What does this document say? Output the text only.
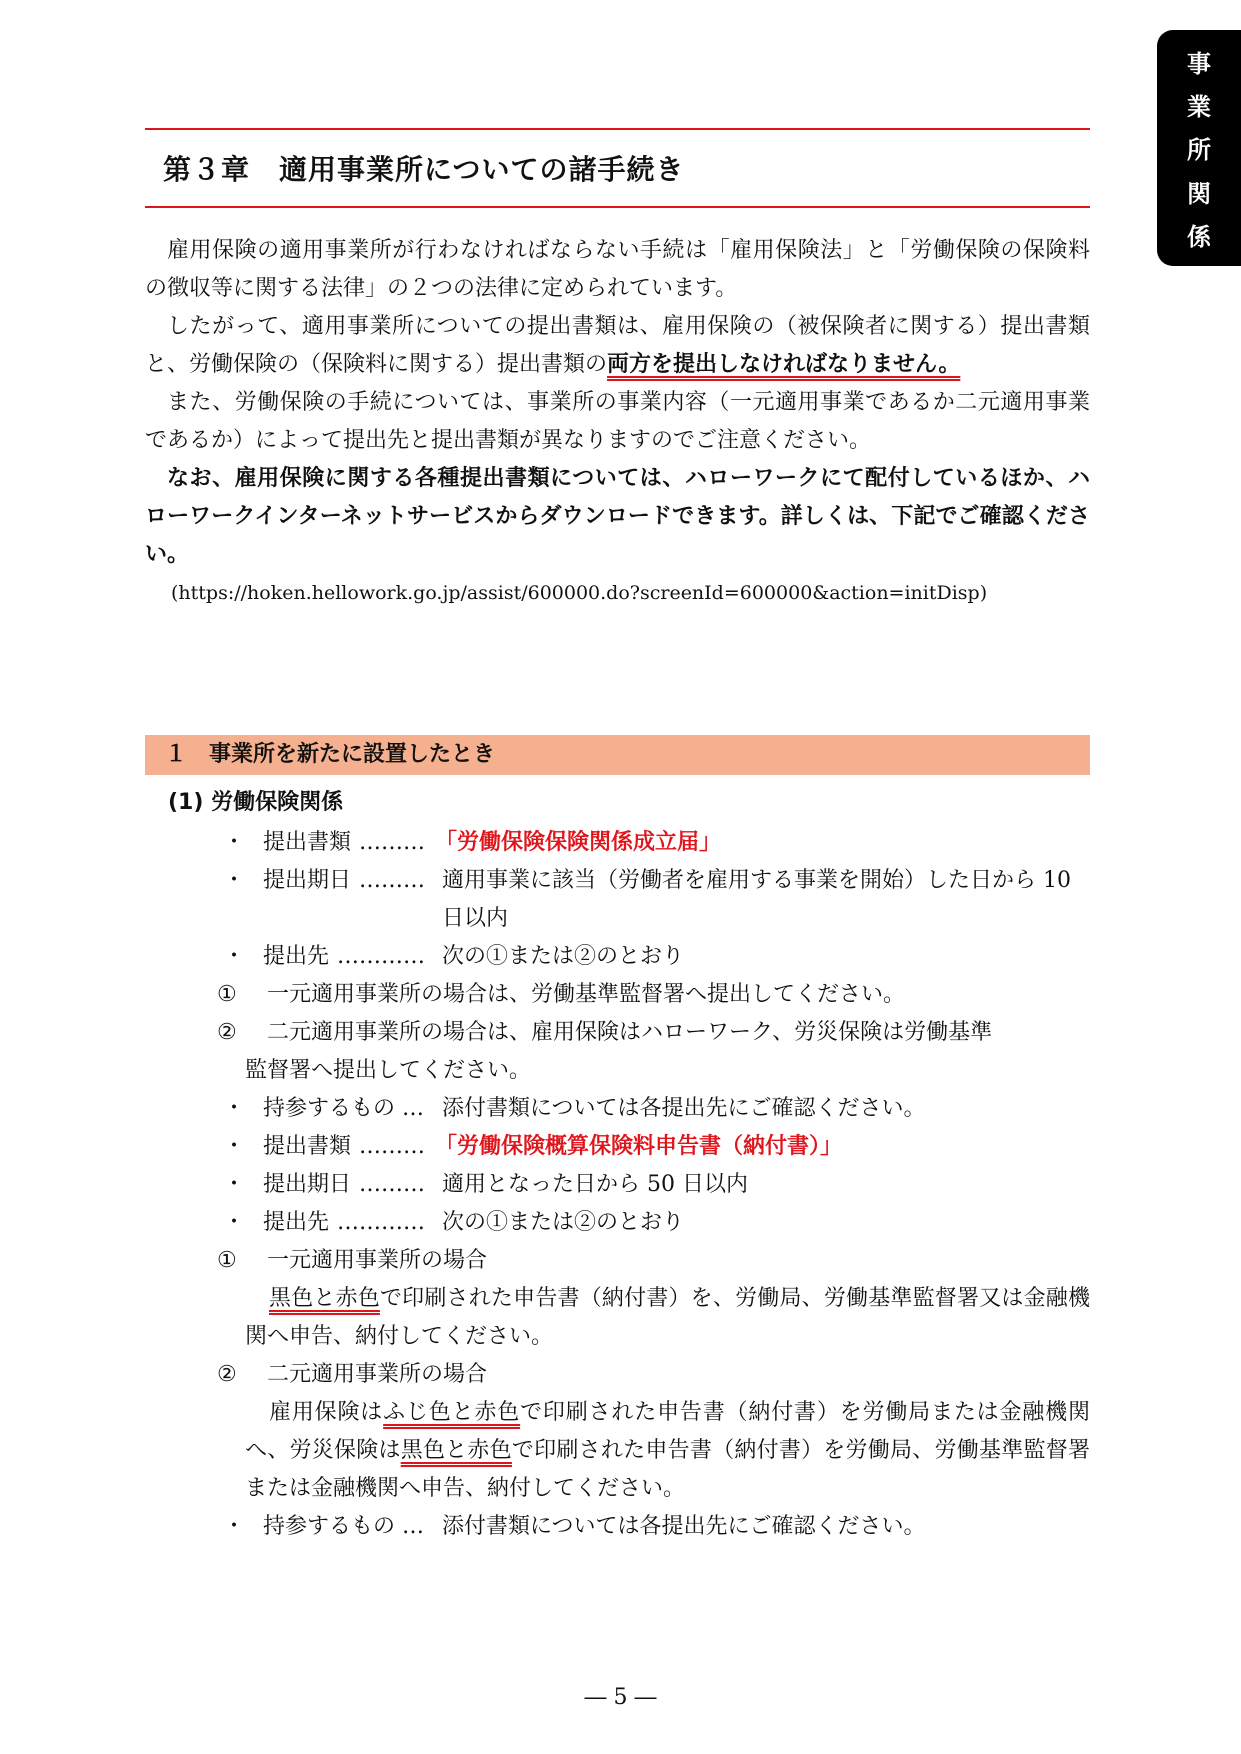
事
業
所
関
係
第３章　適用事業所についての諸手続き

雇用保険の適用事業所が行わなければならない手続は「雇用保険法」と「労働保険の保険料の徴収等に関する法律」の２つの法律に定められています。

したがって、適用事業所についての提出書類は、雇用保険の（被保険者に関する）提出書類と、労働保険の（保険料に関する）提出書類の両方を提出しなければなりません。

また、労働保険の手続については、事業所の事業内容（一元適用事業であるか二元適用事業であるか）によって提出先と提出書類が異なりますのでご注意ください。

なお、雇用保険に関する各種提出書類については、ハローワークにて配付しているほか、ハローワークインターネットサービスからダウンロードできます。詳しくは、下記でご確認ください。

(https://hoken.hellowork.go.jp/assist/600000.do?screenId=600000&action=initDisp)

１　事業所を新たに設置したとき
(1) 労働保険関係
・ 提出書類 ……… 「労働保険保険関係成立届」
・ 提出期日 ……… 適用事業に該当（労働者を雇用する事業を開始）した日から 10 日以内
・ 提出先 ………… 次の①または②のとおり
① 一元適用事業所の場合は、労働基準監督署へ提出してください。
② 二元適用事業所の場合は、雇用保険はハローワーク、労災保険は労働基準
監督署へ提出してください。
・ 持参するもの … 添付書類については各提出先にご確認ください。
・ 提出書類 ……… 「労働保険概算保険料申告書（納付書）」
・ 提出期日 ……… 適用となった日から 50 日以内
・ 提出先 ………… 次の①または②のとおり
① 一元適用事業所の場合
黒色と赤色で印刷された申告書（納付書）を、労働局、労働基準監督署又は金融機関へ申告、納付してください。
② 二元適用事業所の場合
雇用保険はふじ色と赤色で印刷された申告書（納付書）を労働局または金融機関へ、労災保険は黒色と赤色で印刷された申告書（納付書）を労働局、労働基準監督署または金融機関へ申告、納付してください。
・ 持参するもの … 添付書類については各提出先にご確認ください。
― 5 ―
